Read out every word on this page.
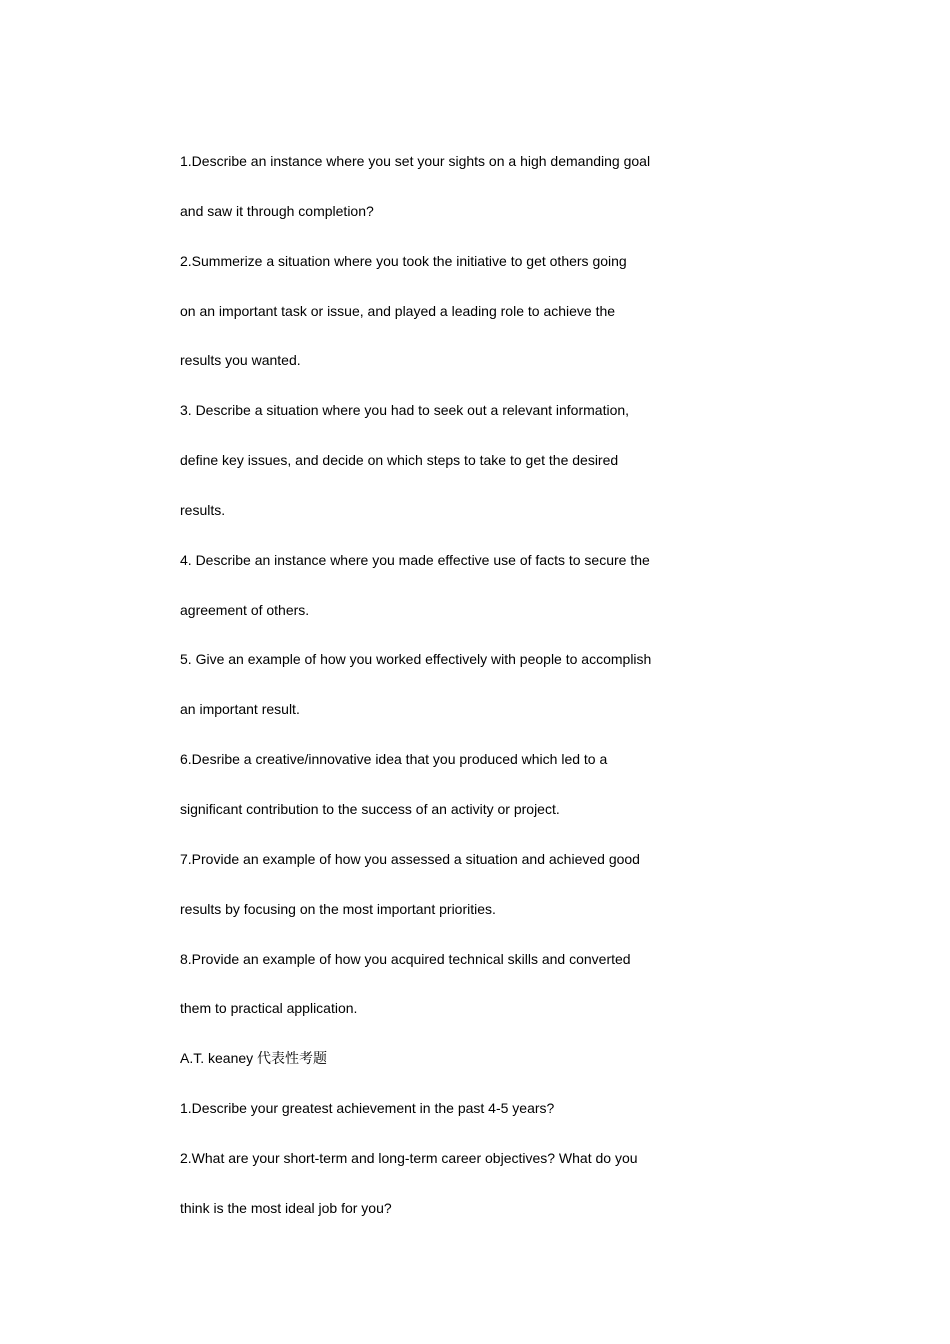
1.Describe an instance where you set your sights on a high demanding goal
and saw it through completion?
2.Summerize a situation where you took the initiative to get others going
on an important task or issue, and played a leading role to achieve the
results you wanted.
3. Describe a situation where you had to seek out a relevant information,
define key issues, and decide on which steps to take to get the desired
results.
4. Describe an instance where you made effective use of facts to secure the
agreement of others.
5. Give an example of how you worked effectively with people to accomplish
an important result.
6.Desribe a creative/innovative idea that you produced which led to a
significant contribution to the success of an activity or project.
7.Provide an example of how you assessed a situation and achieved good
results by focusing on the most important priorities.
8.Provide an example of how you acquired technical skills and converted
them to practical application.
A.T. keaney 代表性考题
1.Describe your greatest achievement in the past 4-5 years?
2.What are your short-term and long-term career objectives? What do you
think is the most ideal job for you?
